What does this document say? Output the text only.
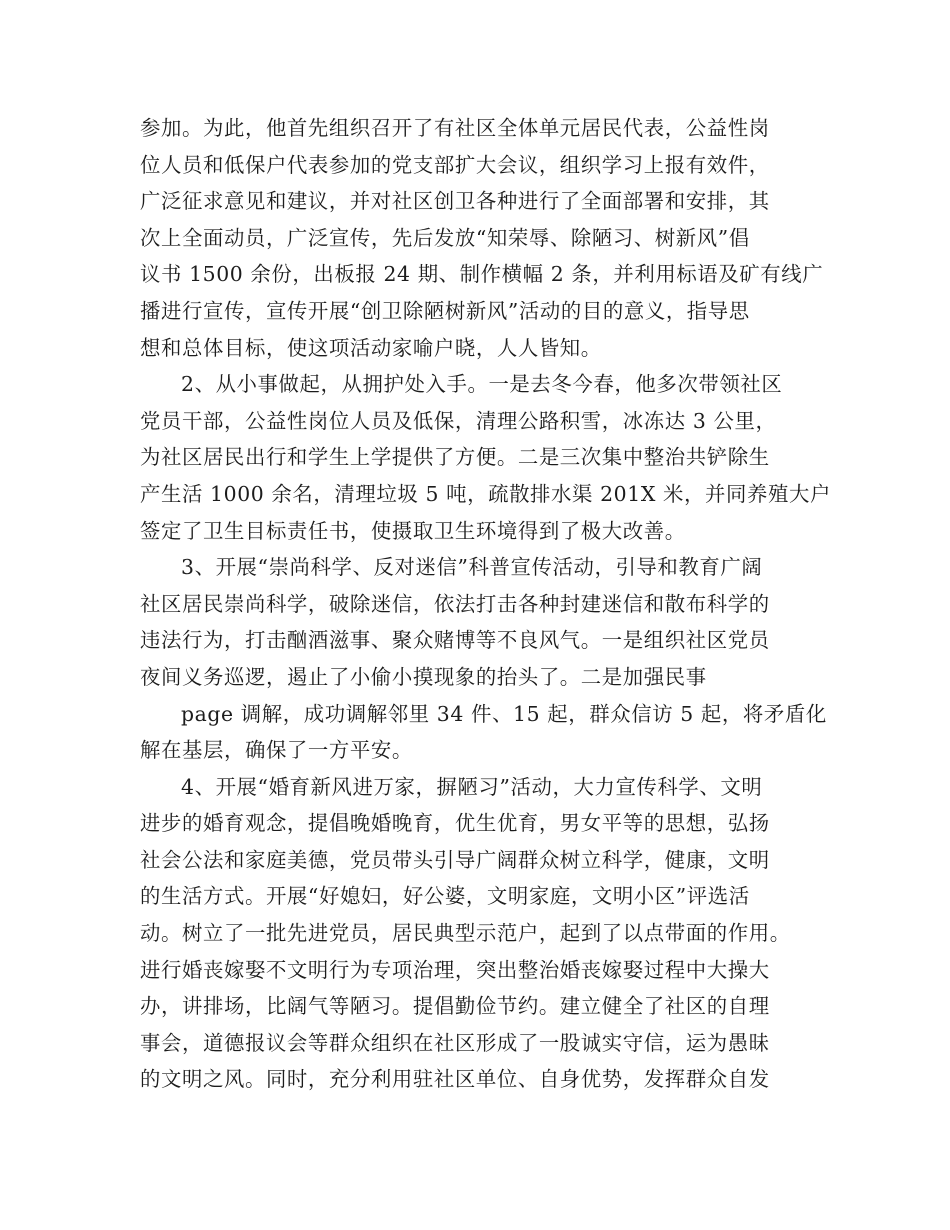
参加。为此，他首先组织召开了有社区全体单元居民代表，公益性岗
位人员和低保户代表参加的党支部扩大会议，组织学习上报有效件，
广泛征求意见和建议，并对社区创卫各种进行了全面部署和安排，其
次上全面动员，广泛宣传，先后发放“知荣辱、除陋习、树新风”倡
议书 1500 余份，出板报 24 期、制作横幅 2 条，并利用标语及矿有线广
播进行宣传，宣传开展“创卫除陋树新风”活动的目的意义，指导思
想和总体目标，使这项活动家喻户晓，人人皆知。
2、从小事做起，从拥护处入手。一是去冬今春，他多次带领社区
党员干部，公益性岗位人员及低保，清理公路积雪，冰冻达 3 公里，
为社区居民出行和学生上学提供了方便。二是三次集中整治共铲除生
产生活 1000 余名，清理垃圾 5 吨，疏散排水渠 201X 米，并同养殖大户
签定了卫生目标责任书，使摄取卫生环境得到了极大改善。
3、开展“崇尚科学、反对迷信”科普宣传活动，引导和教育广阔
社区居民崇尚科学，破除迷信，依法打击各种封建迷信和散布科学的
违法行为，打击酗酒滋事、聚众赌博等不良风气。一是组织社区党员
夜间义务巡逻，遏止了小偷小摸现象的抬头了。二是加强民事
page 调解，成功调解邻里 34 件、15 起，群众信访 5 起，将矛盾化
解在基层，确保了一方平安。
4、开展“婚育新风进万家，摒陋习”活动，大力宣传科学、文明
进步的婚育观念，提倡晚婚晚育，优生优育，男女平等的思想，弘扬
社会公法和家庭美德，党员带头引导广阔群众树立科学，健康，文明
的生活方式。开展“好媳妇，好公婆，文明家庭，文明小区”评选活
动。树立了一批先进党员，居民典型示范户，起到了以点带面的作用。
进行婚丧嫁娶不文明行为专项治理，突出整治婚丧嫁娶过程中大操大
办，讲排场，比阔气等陋习。提倡勤俭节约。建立健全了社区的自理
事会，道德报议会等群众组织在社区形成了一股诚实守信，运为愚昧
的文明之风。同时，充分利用驻社区单位、自身优势，发挥群众自发
